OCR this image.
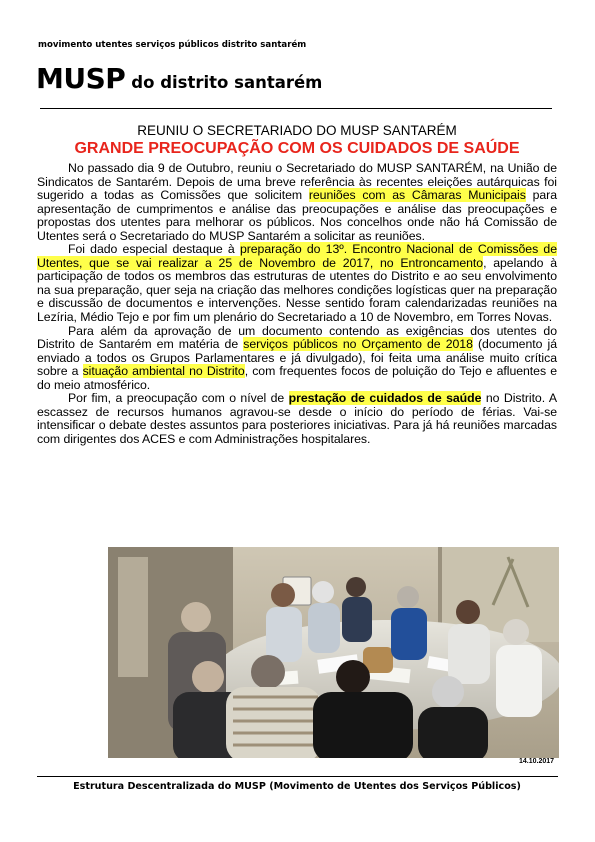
movimento utentes serviços públicos distrito santarém
MUSP do distrito santarém
REUNIU O SECRETARIADO DO MUSP SANTARÉM
GRANDE PREOCUPAÇÃO COM OS CUIDADOS DE SAÚDE

No passado dia 9 de Outubro, reuniu o Secretariado do MUSP SANTARÉM, na União de Sindicatos de Santarém. Depois de uma breve referência às recentes eleições autárquicas foi sugerido a todas as Comissões que solicitem reuniões com as Câmaras Municipais para apresentação de cumprimentos e análise das preocupações e análise das preocupações e propostas dos utentes para melhorar os públicos. Nos concelhos onde não há Comissão de Utentes será o Secretariado do MUSP Santarém a solicitar as reuniões.

Foi dado especial destaque à preparação do 13º. Encontro Nacional de Comissões de Utentes, que se vai realizar a 25 de Novembro de 2017, no Entroncamento, apelando à participação de todos os membros das estruturas de utentes do Distrito e ao seu envolvimento na sua preparação, quer seja na criação das melhores condições logísticas quer na preparação e discussão de documentos e intervenções. Nesse sentido foram calendarizadas reuniões na Lezíria, Médio Tejo e por fim um plenário do Secretariado a 10 de Novembro, em Torres Novas.

Para além da aprovação de um documento contendo as exigências dos utentes do Distrito de Santarém em matéria de serviços públicos no Orçamento de 2018 (documento já enviado a todos os Grupos Parlamentares e já divulgado), foi feita uma análise muito crítica sobre a situação ambiental no Distrito, com frequentes focos de poluição do Tejo e afluentes e do meio atmosférico.

Por fim, a preocupação com o nível de prestação de cuidados de saúde no Distrito. A escassez de recursos humanos agravou-se desde o início do período de férias. Vai-se intensificar o debate destes assuntos para posteriores iniciativas. Para já há reuniões marcadas com dirigentes dos ACES e com Administrações hospitalares.

14.10.2017
Estrutura Descentralizada do MUSP (Movimento de Utentes dos Serviços Públicos)
